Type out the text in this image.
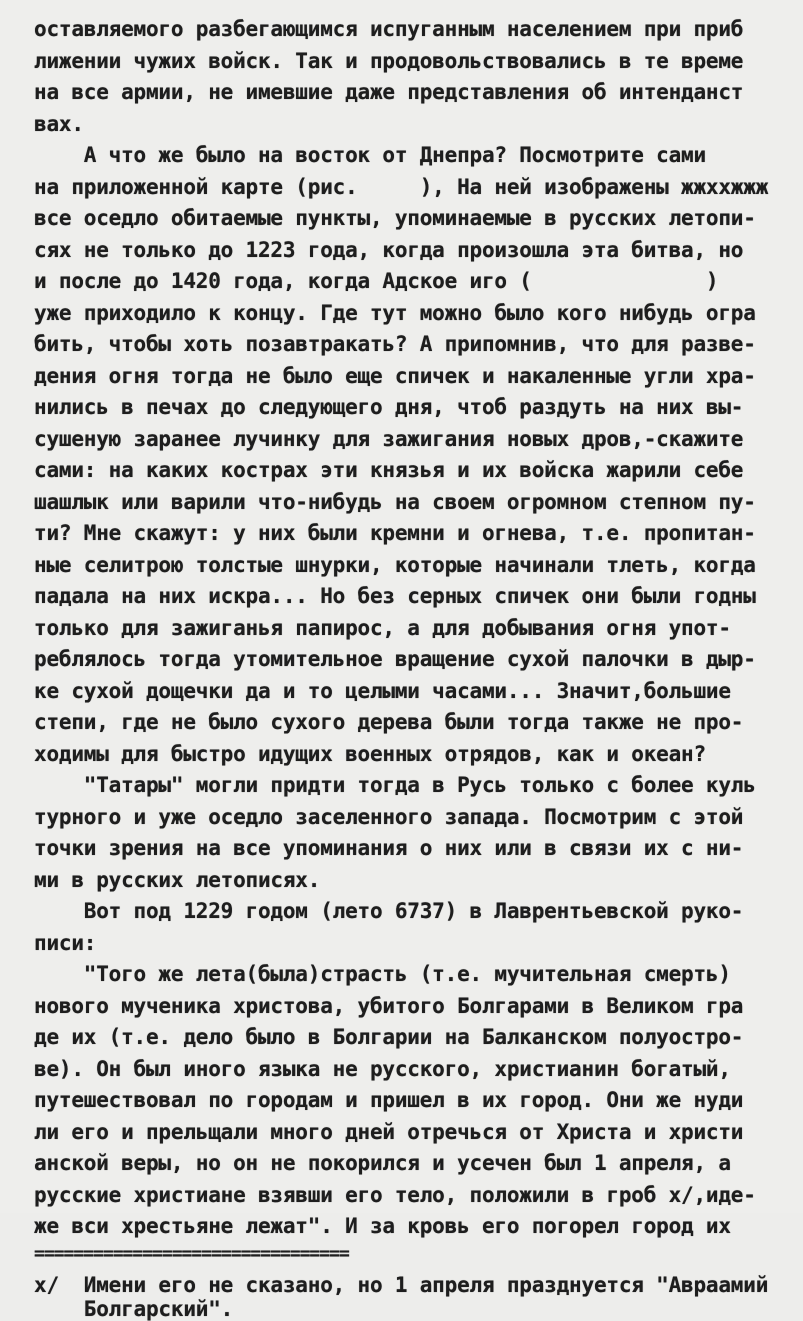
оставляемого разбегающимся испуганным населением при приб
лижении чужих войск. Так и продовольствовались в те време
на все армии, не имевшие даже представления об интенданст
вах.
А что же было на восток от Днепра? Посмотрите сами
на приложенной карте (рис.     ), На ней изображены жжххжжж
все оседло обитаемые пункты, упоминаемые в русских летопи-
сях не только до 1223 года, когда произошла эта битва, но
и после до 1420 года, когда Адское иго (              )
уже приходило к концу. Где тут можно было кого нибудь огра
бить, чтобы хоть позавтракать? А припомнив, что для разве-
дения огня тогда не было еще спичек и накаленные угли хра-
нились в печах до следующего дня, чтоб раздуть на них вы-
сушеную заранее лучинку для зажигания новых дров,-скажите
сами: на каких кострах эти князья и их войска жарили себе
шашлык или варили что-нибудь на своем огромном степном пу-
ти? Мне скажут: у них были кремни и огнева, т.е. пропитан-
ные селитрою толстые шнурки, которые начинали тлеть, когда
падала на них искра... Но без серных спичек они были годны
только для зажиганья папирос, а для добывания огня упот-
реблялось тогда утомительное вращение сухой палочки в дыр-
ке сухой дощечки да и то целыми часами... Значит,большие
степи, где не было сухого дерева были тогда также не про-
ходимы для быстро идущих военных отрядов, как и океан?
"Татары" могли придти тогда в Русь только с более куль
турного и уже оседло заселенного запада. Посмотрим с этой
точки зрения на все упоминания о них или в связи их с ни-
ми в русских летописях.
Вот под 1229 годом (лето 6737) в Лаврентьевской руко-
писи:
"Того же лета(была)страсть (т.е. мучительная смерть)
нового мученика христова, убитого Болгарами в Великом гра
де их (т.е. дело было в Болгарии на Балканском полуостро-
ве). Он был иного языка не русского, христианин богатый,
путешествовал по городам и пришел в их город. Они же нуди
ли его и прельщали много дней отречься от Христа и христи
анской веры, но он не покорился и усечен был 1 апреля, а
русские христиане взявши его тело, положили в гроб x/,иде-
же вси хрестьяне лежат". И за кровь его погорел город их
================================
x/  Имени его не сказано, но 1 апреля празднуется "Авраамий
Болгарский".
